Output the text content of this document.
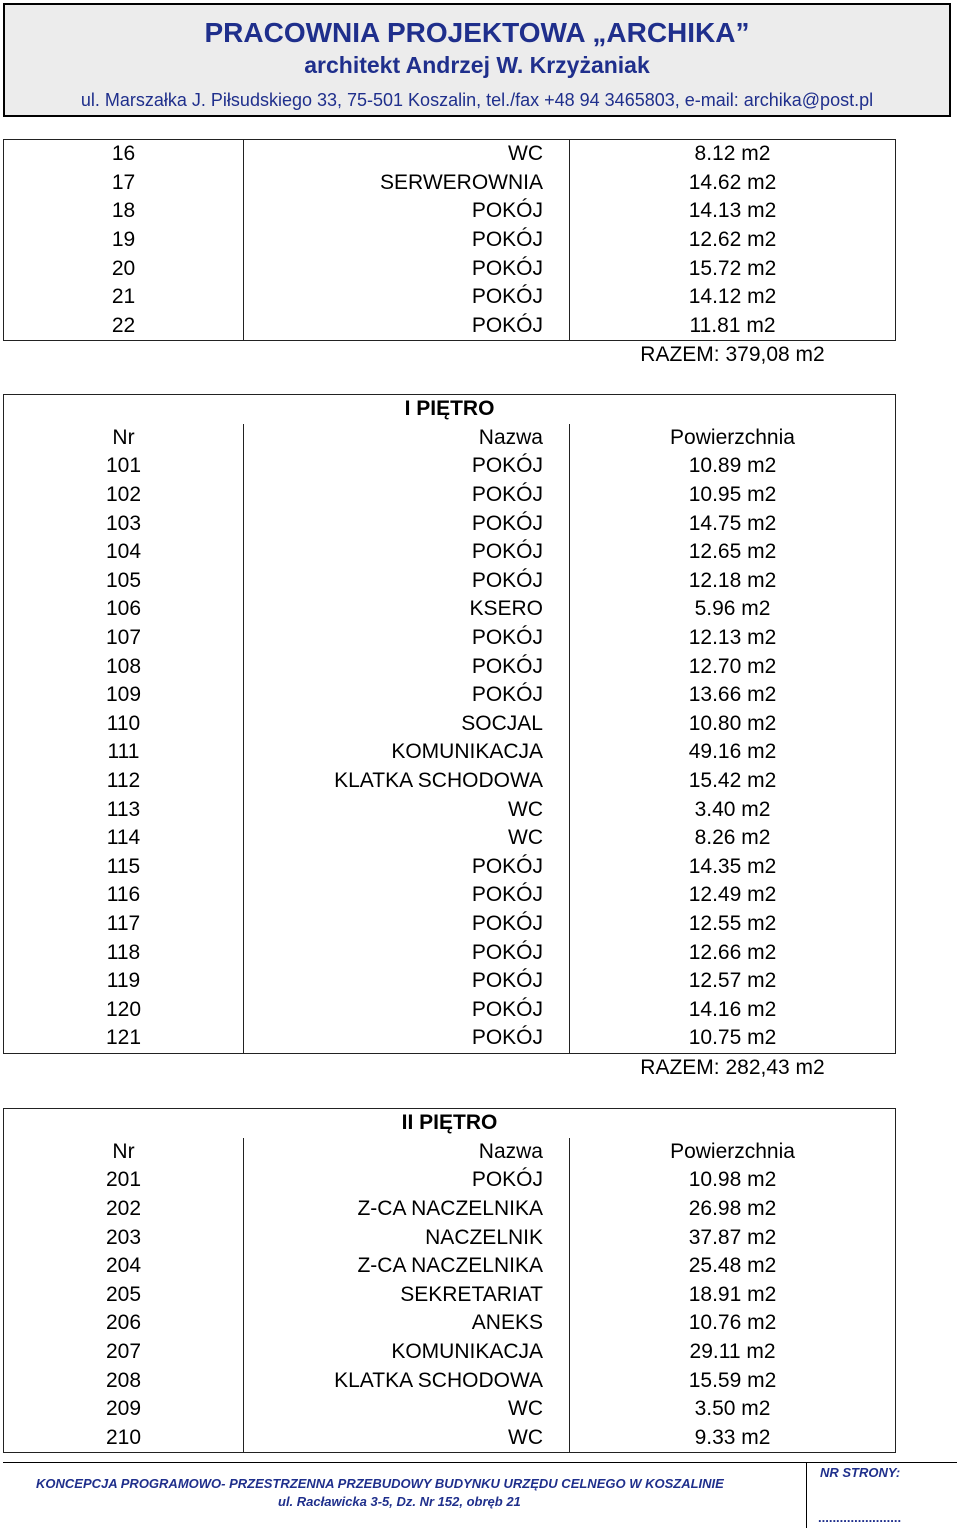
PRACOWNIA PROJEKTOWA „ARCHIKA”
architekt Andrzej W. Krzyżaniak
ul. Marszałka J. Piłsudskiego 33, 75-501 Koszalin, tel./fax +48 94 3465803, e-mail: archika@post.pl
16	WC	8.12 m2
17	SERWEROWNIA	14.62 m2
18	POKÓJ	14.13 m2
19	POKÓJ	12.62 m2
20	POKÓJ	15.72 m2
21	POKÓJ	14.12 m2
22	POKÓJ	11.81 m2
		RAZEM: 379,08 m2
I PIĘTRO		
Nr	Nazwa	Powierzchnia
101	POKÓJ	10.89 m2
102	POKÓJ	10.95 m2
103	POKÓJ	14.75 m2
104	POKÓJ	12.65 m2
105	POKÓJ	12.18 m2
106	KSERO	5.96 m2
107	POKÓJ	12.13 m2
108	POKÓJ	12.70 m2
109	POKÓJ	13.66 m2
110	SOCJAL	10.80 m2
111	KOMUNIKACJA	49.16 m2
112	KLATKA SCHODOWA	15.42 m2
113	WC	3.40 m2
114	WC	8.26 m2
115	POKÓJ	14.35 m2
116	POKÓJ	12.49 m2
117	POKÓJ	12.55 m2
118	POKÓJ	12.66 m2
119	POKÓJ	12.57 m2
120	POKÓJ	14.16 m2
121	POKÓJ	10.75 m2
		RAZEM: 282,43 m2
II PIĘTRO		
Nr	Nazwa	Powierzchnia
201	POKÓJ	10.98 m2
202	Z-CA NACZELNIKA	26.98 m2
203	NACZELNIK	37.87 m2
204	Z-CA NACZELNIKA	25.48 m2
205	SEKRETARIAT	18.91 m2
206	ANEKS	10.76 m2
207	KOMUNIKACJA	29.11 m2
208	KLATKA SCHODOWA	15.59 m2
209	WC	3.50 m2
210	WC	9.33 m2
KONCEPCJA PROGRAMOWO- PRZESTRZENNA PRZEBUDOWY BUDYNKU URZĘDU CELNEGO W KOSZALINIE
ul. Racławicka 3-5, Dz. Nr 152, obręb 21
NR STRONY:
.......................
